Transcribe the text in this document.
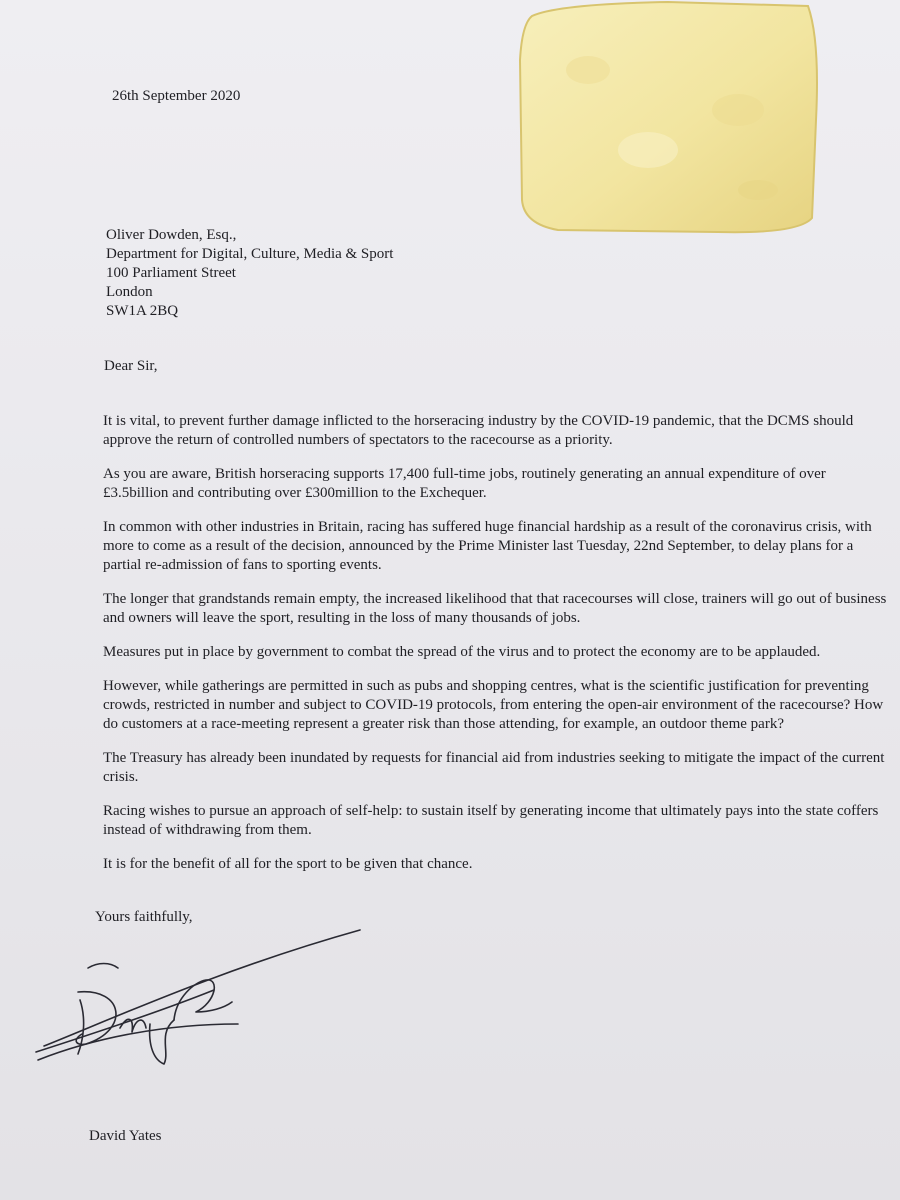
26th September 2020
Oliver Dowden, Esq.,
Department for Digital, Culture, Media & Sport
100 Parliament Street
London
SW1A 2BQ
Dear Sir,

It is vital, to prevent further damage inflicted to the horseracing industry by the COVID-19 pandemic, that the DCMS should approve the return of controlled numbers of spectators to the racecourse as a priority.

As you are aware, British horseracing supports 17,400 full-time jobs, routinely generating an annual expenditure of over £3.5billion and contributing over £300million to the Exchequer.

In common with other industries in Britain, racing has suffered huge financial hardship as a result of the coronavirus crisis, with more to come as a result of the decision, announced by the Prime Minister last Tuesday, 22nd September, to delay plans for a partial re-admission of fans to sporting events.

The longer that grandstands remain empty, the increased likelihood that that racecourses will close, trainers will go out of business and owners will leave the sport, resulting in the loss of many thousands of jobs.

Measures put in place by government to combat the spread of the virus and to protect the economy are to be applauded.

However, while gatherings are permitted in such as pubs and shopping centres, what is the scientific justification for preventing crowds, restricted in number and subject to COVID-19 protocols, from entering the open-air environment of the racecourse? How do customers at a race-meeting represent a greater risk than those attending, for example, an outdoor theme park?

The Treasury has already been inundated by requests for financial aid from industries seeking to mitigate the impact of the current crisis.

Racing wishes to pursue an approach of self-help: to sustain itself by generating income that ultimately pays into the state coffers instead of withdrawing from them.

It is for the benefit of all for the sport to be given that chance.

Yours faithfully,
David Yates
